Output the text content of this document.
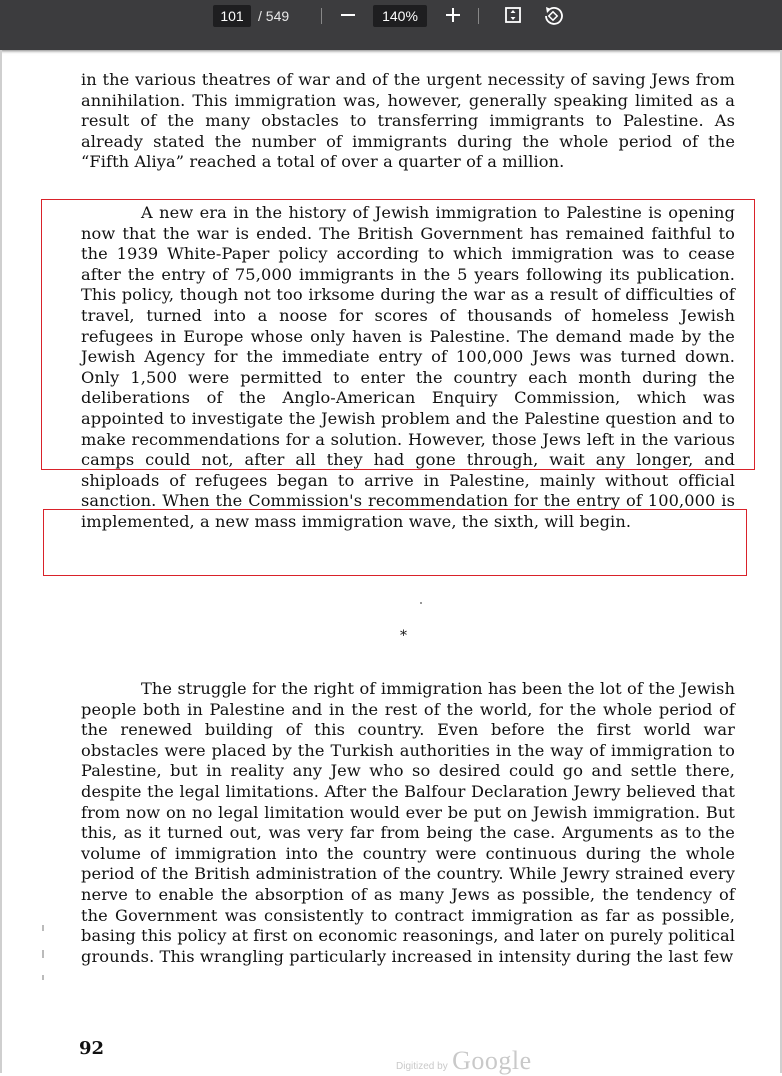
101	/ 549	140%

in the various theatres of war and of the urgent necessity of saving Jews from annihilation. This immigration was, however, generally speaking limited as a result of the many obstacles to transferring immigrants to Palestine. As already stated the number of immigrants during the whole period of the “Fifth Aliya” reached a total of over a quarter of a million.

A new era in the history of Jewish immigration to Palestine is opening now that the war is ended. The British Government has remained faithful to the 1939 White-Paper policy according to which immigration was to cease after the entry of 75,000 immigrants in the 5 years following its publication. This policy, though not too irksome during the war as a result of difficulties of travel, turned into a noose for scores of thousands of homeless Jewish refugees in Europe whose only haven is Palestine. The demand made by the Jewish Agency for the immediate entry of 100,000 Jews was turned down. Only 1,500 were permitted to enter the country each month during the deliberations of the Anglo-American Enquiry Commission, which was appointed to investigate the Jewish problem and the Palestine question and to make recommendations for a solution. However, those Jews left in the various camps could not, after all they had gone through, wait any longer, and shiploads of refugees began to arrive in Palestine, mainly without official sanction. When the Commission's recommendation for the entry of 100,000 is implemented, a new mass immigration wave, the sixth, will begin.

*

The struggle for the right of immigration has been the lot of the Jewish people both in Palestine and in the rest of the world, for the whole period of the renewed building of this country. Even before the first world war obstacles were placed by the Turkish authorities in the way of immigration to Palestine, but in reality any Jew who so desired could go and settle there, despite the legal limitations. After the Balfour Declaration Jewry believed that from now on no legal limitation would ever be put on Jewish immigration. But this, as it turned out, was very far from being the case. Arguments as to the volume of immigration into the country were continuous during the whole period of the British administration of the country. While Jewry strained every nerve to enable the absorption of as many Jews as possible, the tendency of the Government was consistently to contract immigration as far as possible, basing this policy at first on economic reasonings, and later on purely political grounds. This wrangling particularly increased in intensity during the last few

92
Digitized by Google
